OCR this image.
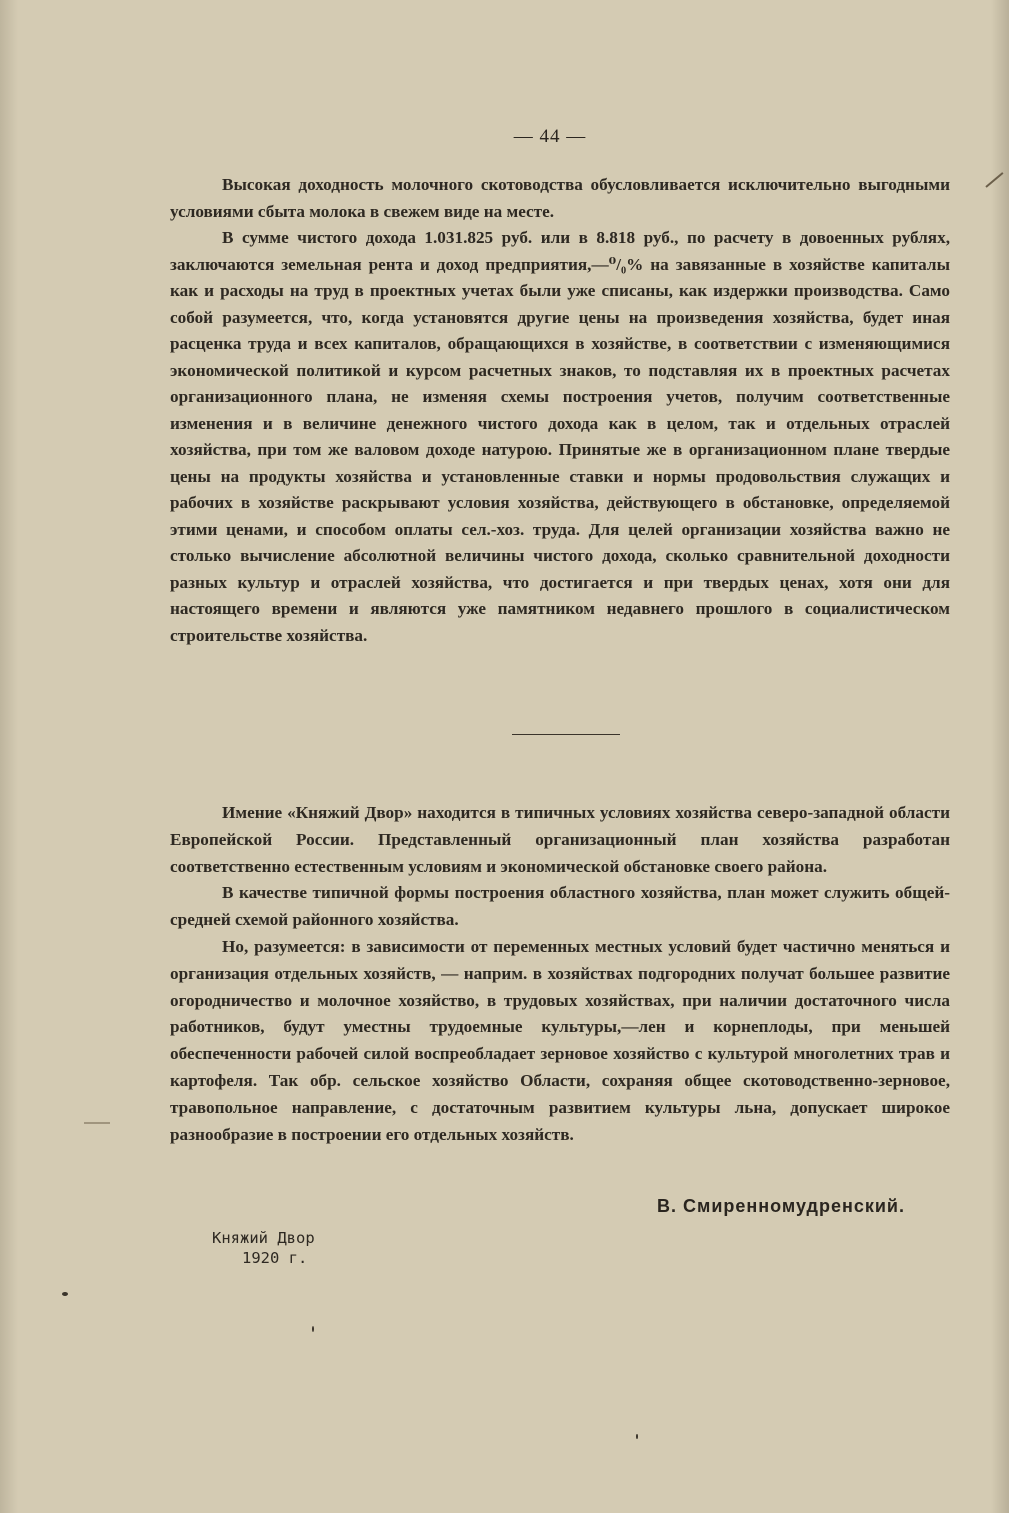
— 44 —

Высокая доходность молочного скотоводства обусловливается исключительно выгодными условиями сбыта молока в свежем виде на месте.

В сумме чистого дохода 1.031.825 руб. или в 8.818 руб., по расчету в довоенных рублях, заключаются земельная рента и доход предприятия,—⁰/₀% на завязанные в хозяйстве капиталы как и расходы на труд в проектных учетах были уже списаны, как издержки производства. Само собой разумеется, что, когда установятся другие цены на произведения хозяйства, будет иная расценка труда и всех капиталов, обращающихся в хозяйстве, в соответствии с изменяющимися экономической политикой и курсом расчетных знаков, то подставляя их в проектных расчетах организационного плана, не изменяя схемы построения учетов, получим соответственные изменения и в величине денежного чистого дохода как в целом, так и отдельных отраслей хозяйства, при том же валовом доходе натурою. Принятые же в организационном плане твердые цены на продукты хозяйства и установленные ставки и нормы продовольствия служащих и рабочих в хозяйстве раскрывают условия хозяйства, действующего в обстановке, определяемой этими ценами, и способом оплаты сел.-хоз. труда. Для целей организации хозяйства важно не столько вычисление абсолютной величины чистого дохода, сколько сравнительной доходности разных культур и отраслей хозяйства, что достигается и при твердых ценах, хотя они для настоящего времени и являются уже памятником недавнего прошлого в социалистическом строительстве хозяйства.

Имение «Княжий Двор» находится в типичных условиях хозяйства северо-западной области Европейской России. Представленный организационный план хозяйства разработан соответственно естественным условиям и экономической обстановке своего района.

В качестве типичной формы построения областного хозяйства, план может служить общей-средней схемой районного хозяйства.

Но, разумеется: в зависимости от переменных местных условий будет частично меняться и организация отдельных хозяйств, — наприм. в хозяйствах подгородних получат большее развитие огородничество и молочное хозяйство, в трудовых хозяйствах, при наличии достаточного числа работников, будут уместны трудоемные культуры,—лен и корнеплоды, при меньшей обеспеченности рабочей силой воспреобладает зерновое хозяйство с культурой многолетних трав и картофеля. Так обр. сельское хозяйство Области, сохраняя общее скотоводственно-зерновое, травопольное направление, с достаточным развитием культуры льна, допускает широкое разнообразие в построении его отдельных хозяйств.

В. Смиренномудренский.
Княжий Двор
1920 г.
